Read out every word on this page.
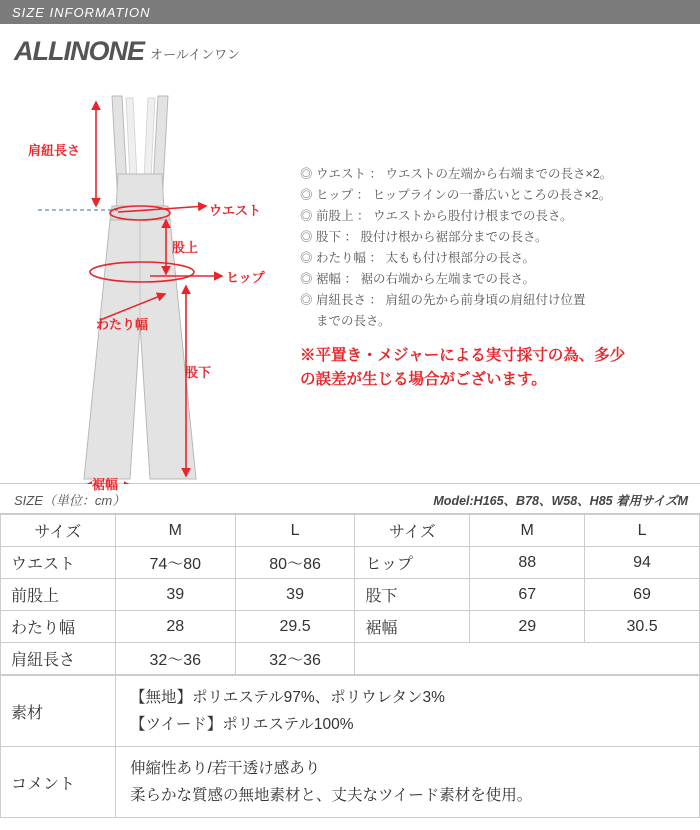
SIZE INFORMATION
ALLINONE オールインワン
肩紐長さ
ウエスト
股上
ヒップ
わたり幅
股下
裾幅
◎ ウエスト ： ウエストの左端から右端までの長さ×2。
◎ ヒップ ： ヒップラインの一番広いところの長さ×2。
◎ 前股上 ： ウエストから股付け根までの長さ。
◎ 股下 ： 股付け根から裾部分までの長さ。
◎ わたり幅 ： 太もも付け根部分の長さ。
◎ 裾幅 ： 裾の右端から左端までの長さ。
◎ 肩紐長さ ： 肩紐の先から前身頃の肩紐付け位置
までの長さ。
※平置き・メジャーによる実寸採寸の為、多少
の誤差が生じる場合がございます。
SIZE（単位：cm）	Model:H165、B78、W58、H85 着用サイズM
サイズ	M	L	サイズ	M	L
ウエスト	74〜80	80〜86	ヒップ	88	94
前股上	39	39	股下	67	69
わたり幅	28	29.5	裾幅	29	30.5
肩紐長さ	32〜36	32〜36			
素材	【無地】ポリエステル97%、ポリウレタン3%
【ツイード】ポリエステル100%

コメント	伸縮性あり/若干透け感あり
柔らかな質感の無地素材と、丈夫なツイード素材を使用。
